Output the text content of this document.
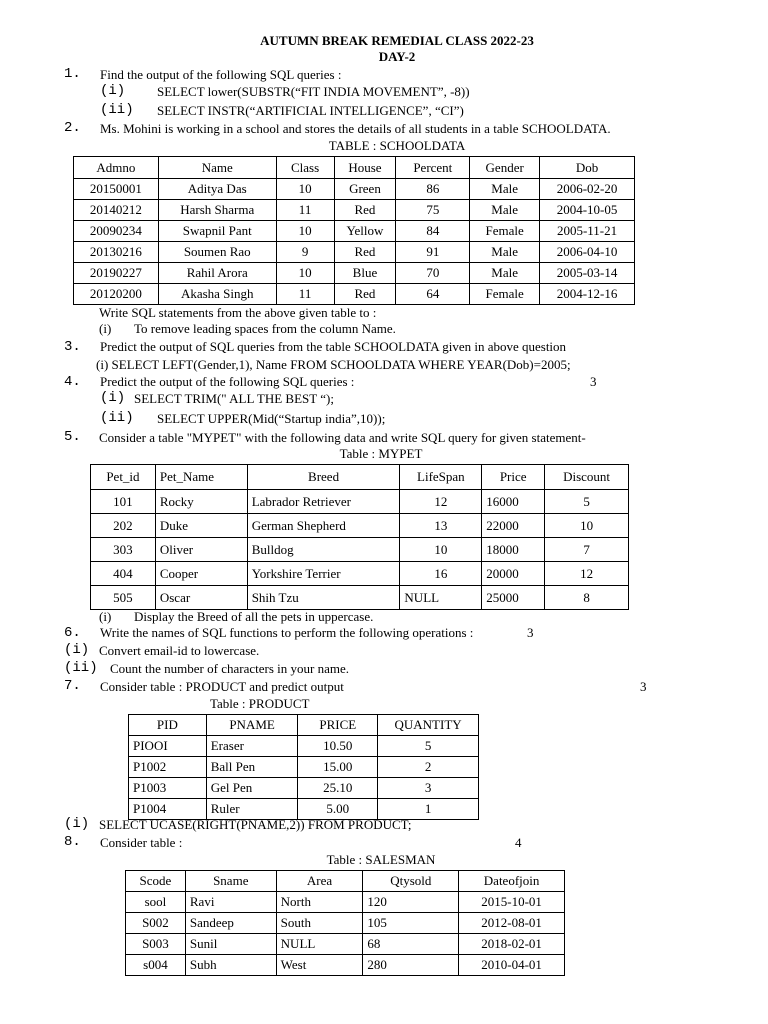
AUTUMN BREAK REMEDIAL CLASS 2022-23
DAY-2
1. Find the output of the following SQL queries :
(i) SELECT lower(SUBSTR(“FIT INDIA MOVEMENT”, -8))
(ii) SELECT INSTR(“ARTIFICIAL INTELLIGENCE”, “CI”)
2. Ms. Mohini is working in a school and stores the details of all students in a table SCHOOLDATA.
TABLE : SCHOOLDATA
Admno	Name	Class	House	Percent	Gender	Dob
20150001	Aditya Das	10	Green	86	Male	2006-02-20
20140212	Harsh Sharma	11	Red	75	Male	2004-10-05
20090234	Swapnil Pant	10	Yellow	84	Female	2005-11-21
20130216	Soumen Rao	9	Red	91	Male	2006-04-10
20190227	Rahil Arora	10	Blue	70	Male	2005-03-14
20120200	Akasha Singh	11	Red	64	Female	2004-12-16
Write SQL statements from the above given table to :
(i) To remove leading spaces from the column Name.
3. Predict the output of SQL queries from the table SCHOOLDATA given in above question
(i) SELECT LEFT(Gender,1), Name FROM SCHOOLDATA WHERE YEAR(Dob)=2005;
4. Predict the output of the following SQL queries :	3
(i) SELECT TRIM(" ALL THE BEST “);
(ii) SELECT UPPER(Mid(“Startup india”,10));
5. Consider a table "MYPET" with the following data and write SQL query for given statement-
Table : MYPET
Pet_id	Pet_Name	Breed	LifeSpan	Price	Discount
101	Rocky	Labrador Retriever	12	16000	5
202	Duke	German Shepherd	13	22000	10
303	Oliver	Bulldog	10	18000	7
404	Cooper	Yorkshire Terrier	16	20000	12
505	Oscar	Shih Tzu	NULL	25000	8
(i) Display the Breed of all the pets in uppercase.
6. Write the names of SQL functions to perform the following operations :	3
(i) Convert email-id to lowercase.
(ii) Count the number of characters in your name.
7. Consider table : PRODUCT and predict output	3
Table : PRODUCT
PID	PNAME	PRICE	QUANTITY
PIOOI	Eraser	10.50	5
P1002	Ball Pen	15.00	2
P1003	Gel Pen	25.10	3
P1004	Ruler	5.00	1
(i) SELECT UCASE(RIGHT(PNAME,2)) FROM PRODUCT;
8. Consider table :	4
Table : SALESMAN
Scode	Sname	Area	Qtysold	Dateofjoin
sool	Ravi	North	120	2015-10-01
S002	Sandeep	South	105	2012-08-01
S003	Sunil	NULL	68	2018-02-01
s004	Subh	West	280	2010-04-01
